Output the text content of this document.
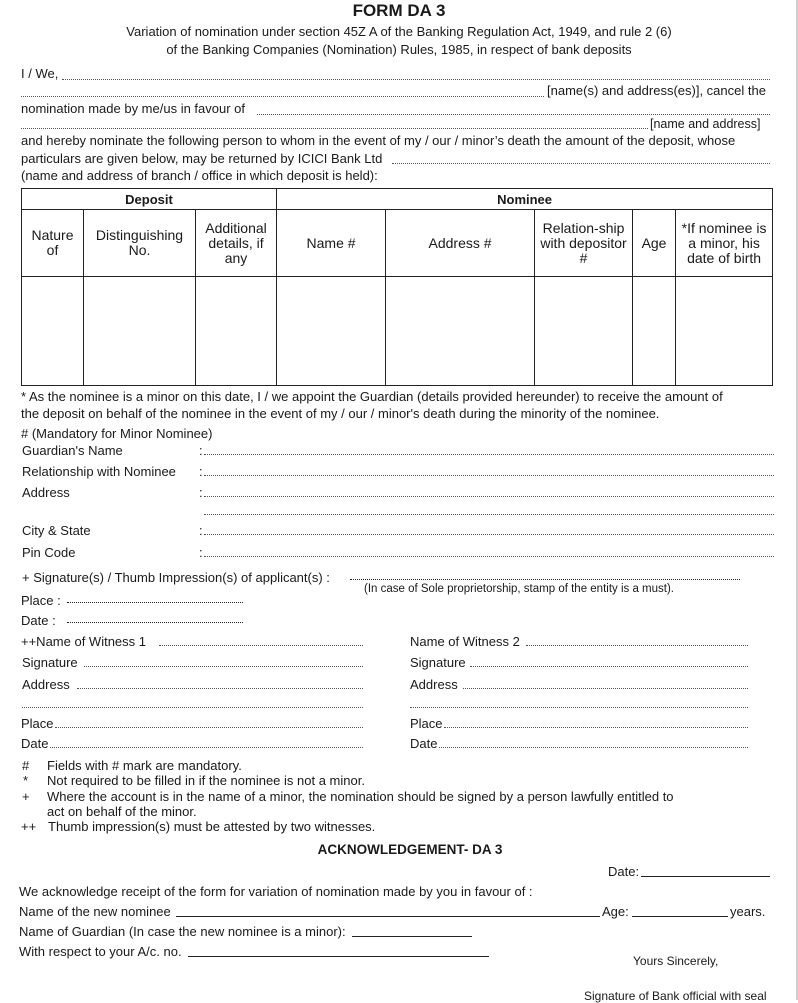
FORM DA 3
Variation of nomination under section 45Z A of the Banking Regulation Act, 1949, and rule 2 (6)
of the Banking Companies (Nomination) Rules, 1985, in respect of bank deposits
I / We,
[name(s) and address(es)], cancel the
nomination made by me/us in favour of
[name and address]
and hereby nominate the following person to whom in the event of my / our / minor’s death the amount of the deposit, whose
particulars are given below, may be returned by ICICI Bank Ltd
(name and address of branch / office in which deposit is held):
Deposit			Nominee				
Nature of	Distinguishing No.	Additional details, if any	Name #	Address #	Relation-ship with depositor #	Age	*If nominee is a minor, his date of birth

* As the nominee is a minor on this date, I / we appoint the Guardian (details provided hereunder) to receive the amount of
the deposit on behalf of the nominee in the event of my / our / minor's death during the minority of the nominee.
# (Mandatory for Minor Nominee)
Guardian's Name	:
Relationship with Nominee :
Address	:
City & State	:
Pin Code	:
+ Signature(s) / Thumb Impression(s) of applicant(s) :
(In case of Sole proprietorship, stamp of the entity is a must).
Place :
Date :
++Name of Witness 1
Signature
Address
Place
Date
Name of Witness 2
Signature
Address
Place
Date
# Fields with # mark are mandatory.
* Not required to be filled in if the nominee is not a minor.
+ Where the account is in the name of a minor, the nomination should be signed by a person lawfully entitled to
act on behalf of the minor.
++ Thumb impression(s) must be attested by two witnesses.
ACKNOWLEDGEMENT- DA 3
Date:
We acknowledge receipt of the form for variation of nomination made by you in favour of :
Name of the new nominee	Age:	years.
Name of Guardian (In case the new nominee is a minor):
With respect to your A/c. no.
Yours Sincerely,
Signature of Bank official with seal
